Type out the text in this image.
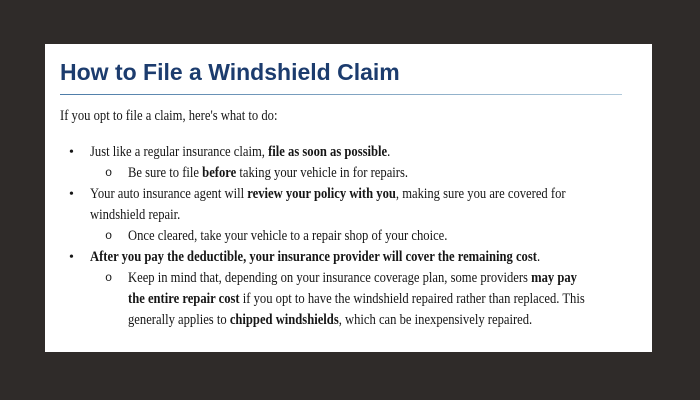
How to File a Windshield Claim

If you opt to file a claim, here's what to do:

• Just like a regular insurance claim, file as soon as possible.
o Be sure to file before taking your vehicle in for repairs.
• Your auto insurance agent will review your policy with you, making sure you are covered for
windshield repair.
o Once cleared, take your vehicle to a repair shop of your choice.
• After you pay the deductible, your insurance provider will cover the remaining cost.
o Keep in mind that, depending on your insurance coverage plan, some providers may pay
the entire repair cost if you opt to have the windshield repaired rather than replaced. This
generally applies to chipped windshields, which can be inexpensively repaired.
